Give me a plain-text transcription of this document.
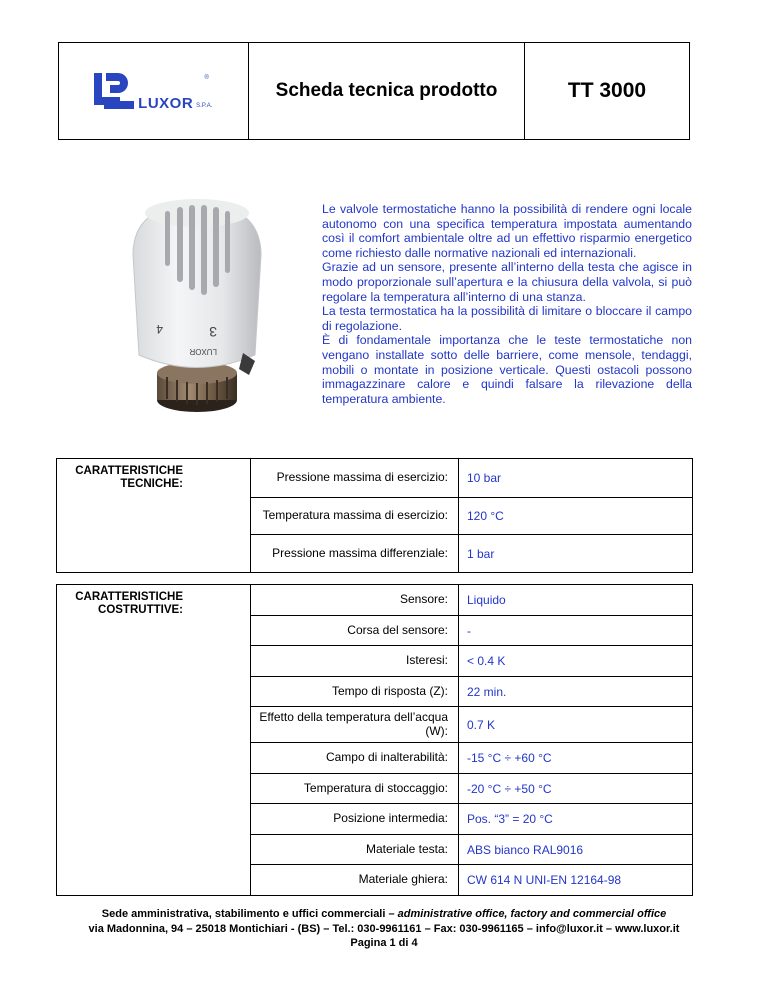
LUXOR S.P.A.
®
Scheda tecnica prodotto	TT 3000
3
4
LUXOR

Le valvole termostatiche hanno la possibilità di rendere ogni locale autonomo con una specifica temperatura impostata aumentando così il comfort ambientale oltre ad un effettivo risparmio energetico come richiesto dalle normative nazionali ed internazionali.

Grazie ad un sensore, presente all’interno della testa che agisce in modo proporzionale sull’apertura e la chiusura della valvola, si può regolare la temperatura all’interno di una stanza.

La testa termostatica ha la possibilità di limitare o bloccare il campo di regolazione.

È di fondamentale importanza che le teste termostatiche non vengano installate sotto delle barriere, come mensole, tendaggi, mobili o montate in posizione verticale. Questi ostacoli possono immagazzinare calore e quindi falsare la rilevazione della temperatura ambiente.

CARATTERISTICHE
TECNICHE:	Pressione massima di esercizio:	10 bar
Temperatura massima di esercizio:	120 °C
Pressione massima differenziale:	1 bar
CARATTERISTICHE
COSTRUTTIVE:
Sensore:	Liquido
Corsa del sensore:	-
Isteresi:	< 0.4 K
Tempo di risposta (Z):	22 min.
Effetto della temperatura dell’acqua (W):	0.7 K
Campo di inalterabilità:	-15 °C ÷ +60 °C
Temperatura di stoccaggio:	-20 °C ÷ +50 °C
Posizione intermedia:	Pos. “3” = 20 °C
Materiale testa:	ABS bianco RAL9016
Materiale ghiera:	CW 614 N UNI-EN 12164-98
Sede amministrativa, stabilimento e uffici commerciali – administrative office, factory and commercial office
via Madonnina, 94 – 25018 Montichiari - (BS) – Tel.: 030-9961161 – Fax: 030-9961165 – info@luxor.it – www.luxor.it
Pagina 1 di 4
